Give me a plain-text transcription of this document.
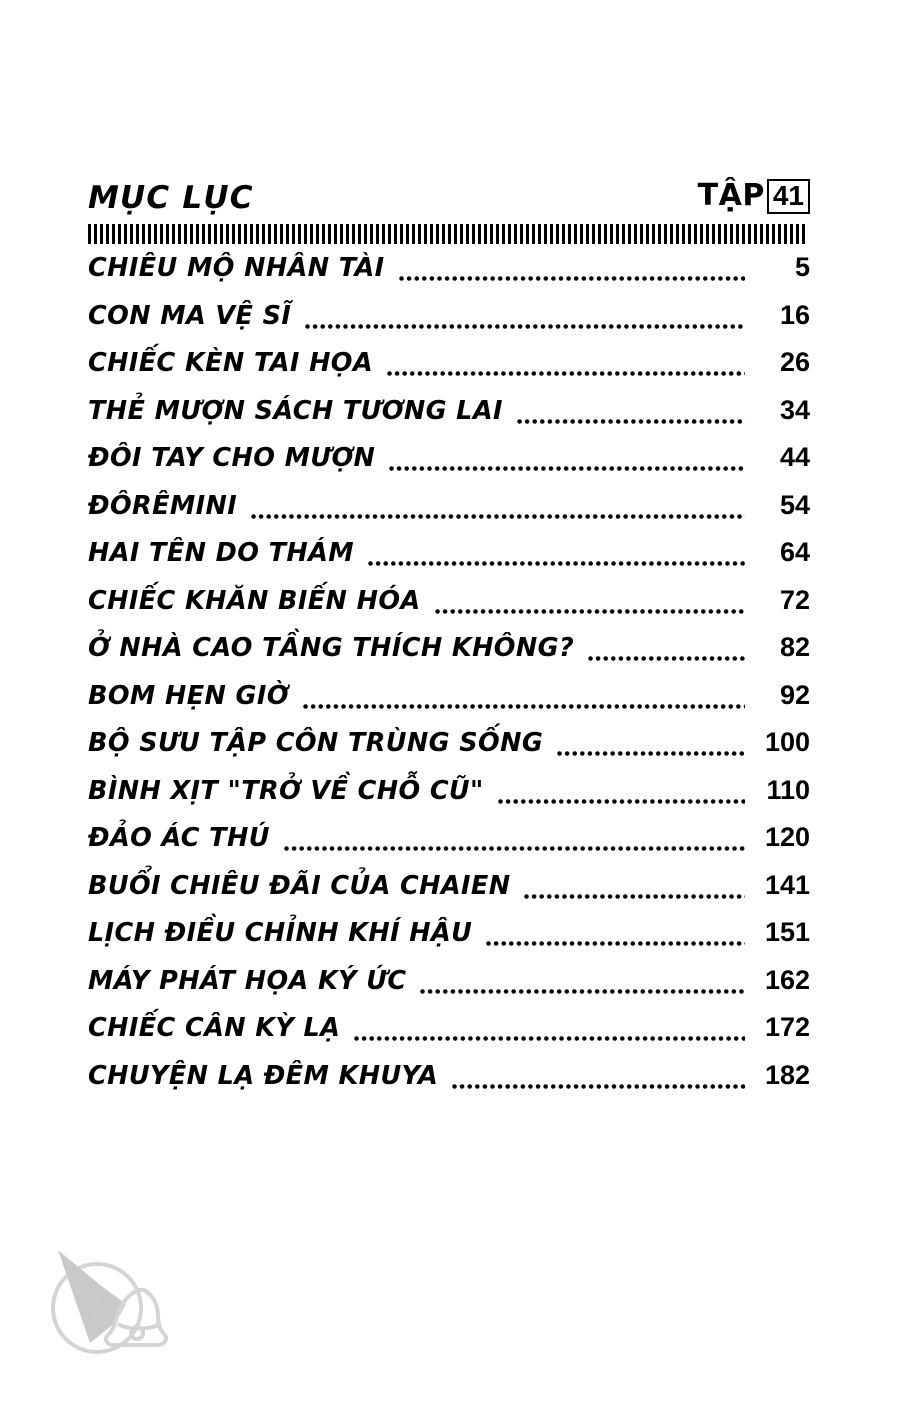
MỤC LỤC	TẬP 41
CHIÊU MỘ NHÂN TÀI	5
CON MA VỆ SĨ	16
CHIẾC KÈN TAI HỌA	26
THẺ MƯỢN SÁCH TƯƠNG LAI	34
ĐÔI TAY CHO MƯỢN	44
ĐÔRÊMINI	54
HAI TÊN DO THÁM	64
CHIẾC KHĂN BIẾN HÓA	72
Ở NHÀ CAO TẦNG THÍCH KHÔNG?	82
BOM HẸN GIỜ	92
BỘ SƯU TẬP CÔN TRÙNG SỐNG	100
BÌNH XỊT "TRỞ VỀ CHỖ CŨ"	110
ĐẢO ÁC THÚ	120
BUỔI CHIÊU ĐÃI CỦA CHAIEN	141
LỊCH ĐIỀU CHỈNH KHÍ HẬU	151
MÁY PHÁT HỌA KÝ ỨC	162
CHIẾC CÂN KỲ LẠ	172
CHUYỆN LẠ ĐÊM KHUYA	182
